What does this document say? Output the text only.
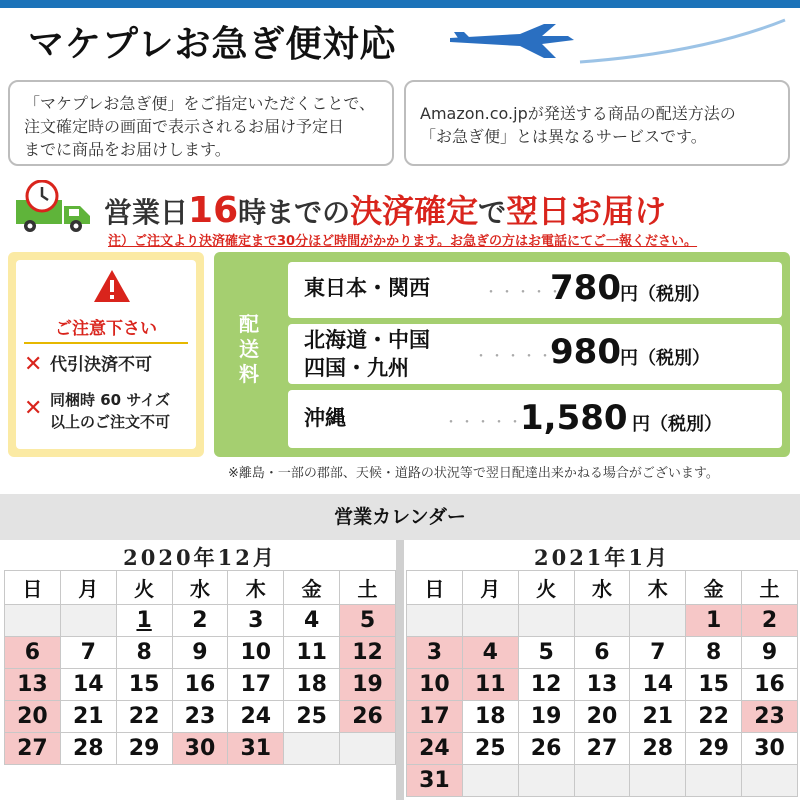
マケプレお急ぎ便対応
「マケプレお急ぎ便」をご指定いただくことで、
注文確定時の画面で表示されるお届け予定日
までに商品をお届けします。
Amazon.co.jpが発送する商品の配送方法の
「お急ぎ便」とは異なるサービスです。
営業日16時までの決済確定で翌日お届け
注）ご注文より決済確定まで30分ほど時間がかかります。お急ぎの方はお電話にてご一報ください。
ご注意下さい
✕ 代引決済不可
✕ 同梱時 60 サイズ
以上のご注文不可
配
送
料
東日本・関西	・・・・・
780 円（税別）
北海道・中国
四国・九州	・・・・・
980 円（税別）
沖縄	・・・・・
1,580 円（税別）
※離島・一部の郡部、天候・道路の状況等で翌日配達出来かねる場合がございます。
営業カレンダー
2020年12月
日	月	火	水	木	金	土
		1	2	3	4	5
6	7	8	9	10	11	12
13	14	15	16	17	18	19
20	21	22	23	24	25	26
27	28	29	30	31		
2021年1月
日	月	火	水	木	金	土
					1	2
3	4	5	6	7	8	9
10	11	12	13	14	15	16
17	18	19	20	21	22	23
24	25	26	27	28	29	30
31						
